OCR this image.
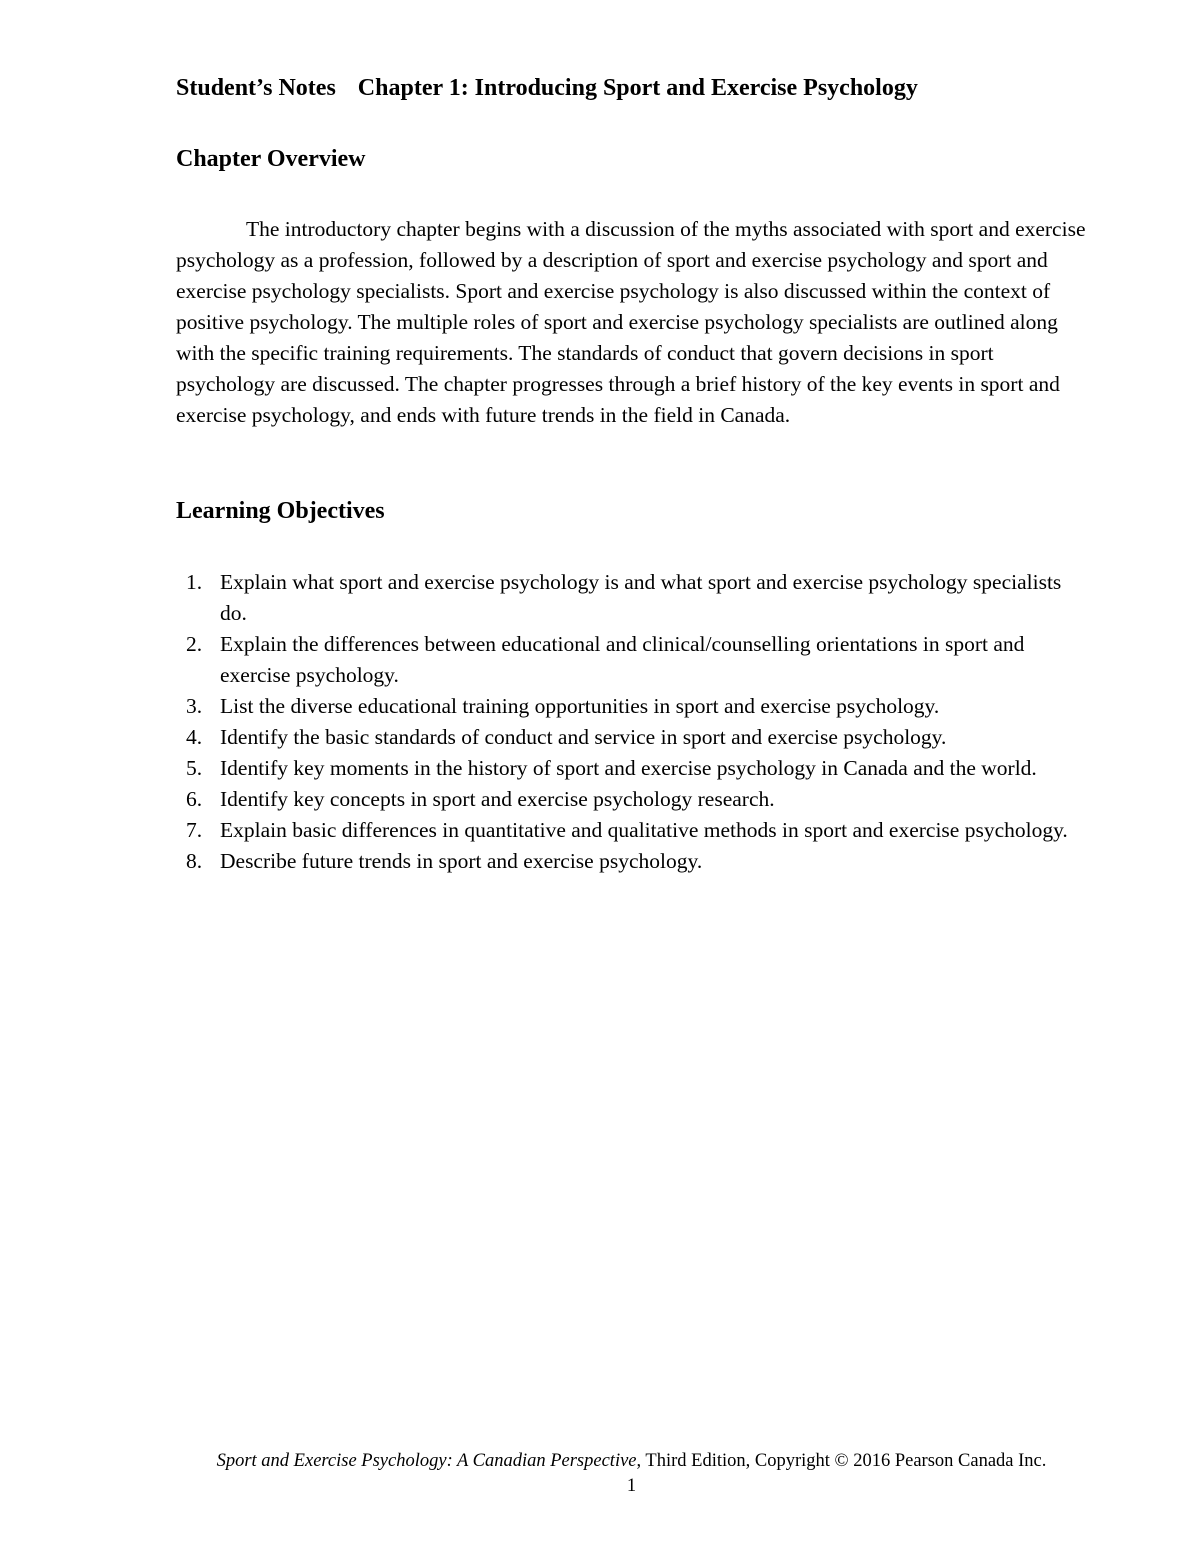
Student’s Notes Chapter 1: Introducing Sport and Exercise Psychology
Chapter Overview

The introductory chapter begins with a discussion of the myths associated with sport and exercise psychology as a profession, followed by a description of sport and exercise psychology and sport and exercise psychology specialists. Sport and exercise psychology is also discussed within the context of positive psychology. The multiple roles of sport and exercise psychology specialists are outlined along with the specific training requirements. The standards of conduct that govern decisions in sport psychology are discussed. The chapter progresses through a brief history of the key events in sport and exercise psychology, and ends with future trends in the field in Canada.

Learning Objectives
1. Explain what sport and exercise psychology is and what sport and exercise psychology specialists do.
2. Explain the differences between educational and clinical/counselling orientations in sport and exercise psychology.
3. List the diverse educational training opportunities in sport and exercise psychology.
4. Identify the basic standards of conduct and service in sport and exercise psychology.
5. Identify key moments in the history of sport and exercise psychology in Canada and the world.
6. Identify key concepts in sport and exercise psychology research.
7. Explain basic differences in quantitative and qualitative methods in sport and exercise psychology.
8. Describe future trends in sport and exercise psychology.
Sport and Exercise Psychology: A Canadian Perspective, Third Edition, Copyright © 2016 Pearson Canada Inc.
1
